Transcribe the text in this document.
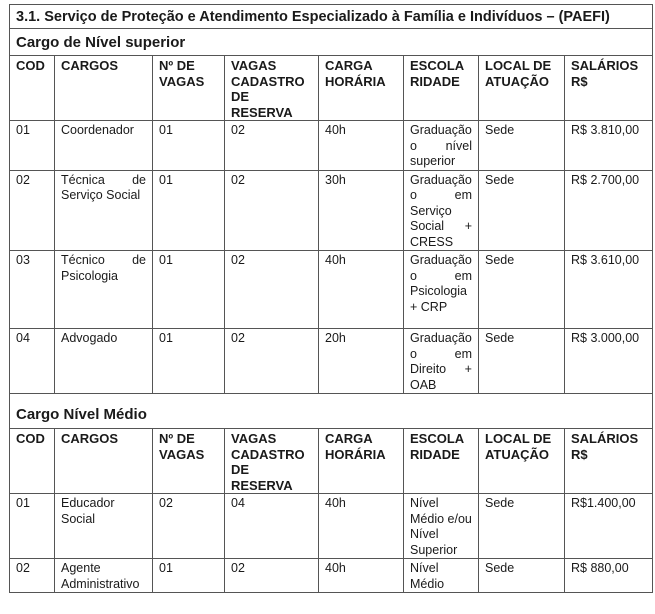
3.1. Serviço de Proteção e Atendimento Especializado à Família e Indivíduos – (PAEFI)							
Cargo de Nível superior							
COD	CARGOS	Nº DE VAGAS	VAGAS CADASTRO DE RESERVA	CARGA HORÁRIA	ESCOLA RIDADE	LOCAL DE ATUAÇÃO	SALÁRIOS R$
01	Coordenador	01	02	40h	Graduação o nível superior	Sede	R$ 3.810,00
02	Técnica de Serviço Social	01	02	30h	Graduação o em Serviço Social + CRESS	Sede	R$ 2.700,00
03	Técnico de Psicologia	01	02	40h	Graduação o em Psicologia + CRP	Sede	R$ 3.610,00
04	Advogado	01	02	20h	Graduação o em Direito + OAB	Sede	R$ 3.000,00
Cargo Nível Médio							
COD	CARGOS	Nº DE VAGAS	VAGAS CADASTRO DE RESERVA	CARGA HORÁRIA	ESCOLA RIDADE	LOCAL DE ATUAÇÃO	SALÁRIOS R$
01	Educador Social	02	04	40h	Nível Médio e/ou Nível Superior	Sede	R$1.400,00
02	Agente Administrativo	01	02	40h	Nível Médio	Sede	R$ 880,00
